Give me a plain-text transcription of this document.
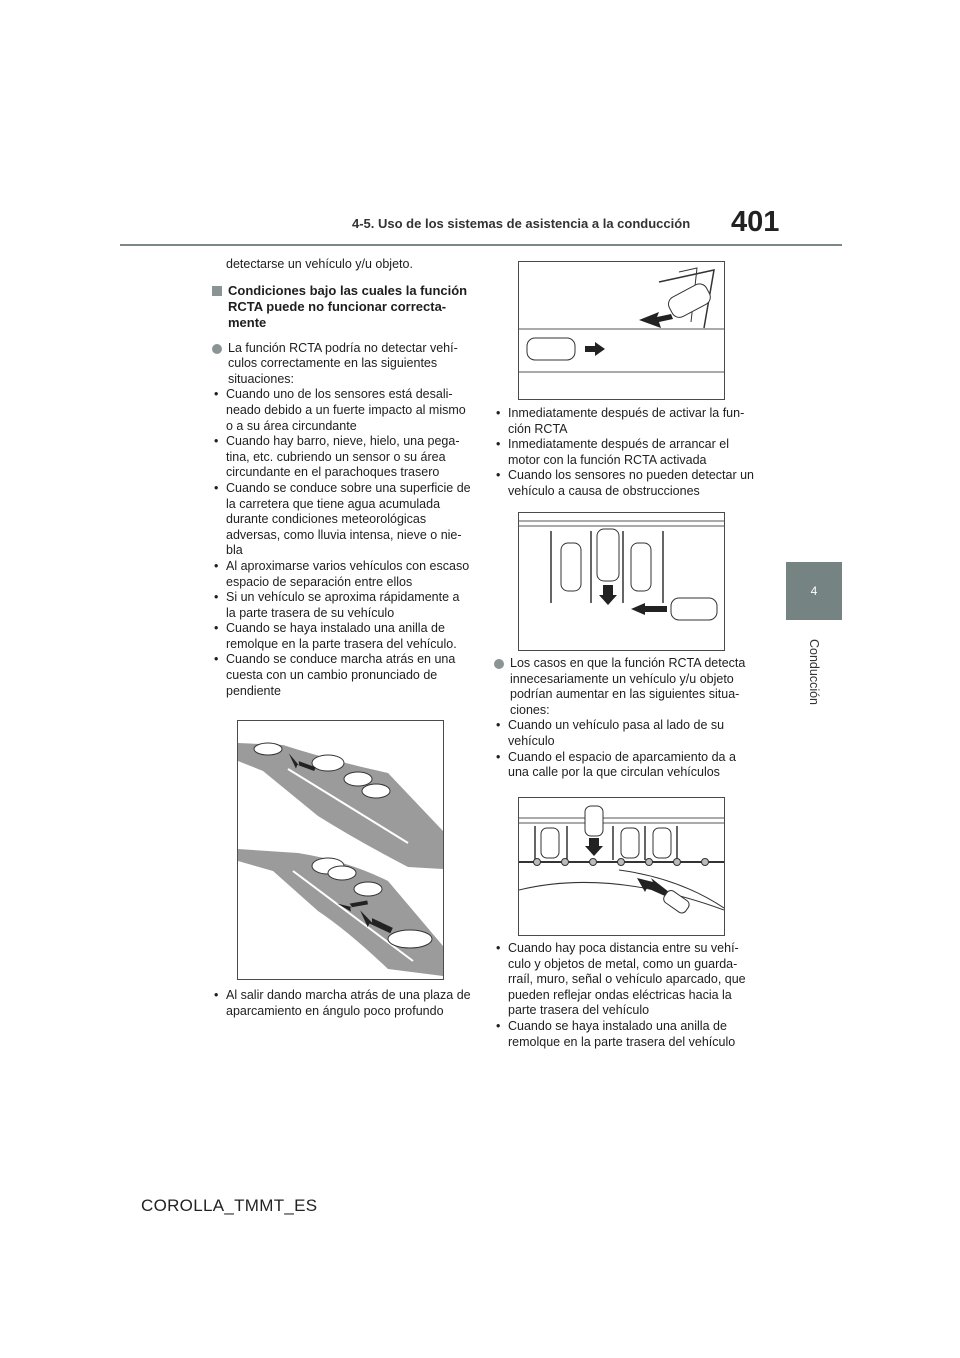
4-5. Uso de los sistemas de asistencia a la conducción 401
4
Conducción

detectarse un vehículo y/u objeto.

Condiciones bajo las cuales la función RCTA puede no funcionar correcta-mente

La función RCTA podría no detectar vehí-culos correctamente en las siguientes situaciones:

• Cuando uno de los sensores está desali-neado debido a un fuerte impacto al mismo o a su área circundante

• Cuando hay barro, nieve, hielo, una pega-tina, etc. cubriendo un sensor o su área circundante en el parachoques trasero

• Cuando se conduce sobre una superficie de la carretera que tiene agua acumulada durante condiciones meteorológicas adversas, como lluvia intensa, nieve o nie-bla

• Al aproximarse varios vehículos con escaso espacio de separación entre ellos

• Si un vehículo se aproxima rápidamente a la parte trasera de su vehículo

• Cuando se haya instalado una anilla de remolque en la parte trasera del vehículo.

• Cuando se conduce marcha atrás en una cuesta con un cambio pronunciado de pendiente

• Al salir dando marcha atrás de una plaza de aparcamiento en ángulo poco profundo

• Inmediatamente después de activar la fun-ción RCTA

• Inmediatamente después de arrancar el motor con la función RCTA activada

• Cuando los sensores no pueden detectar un vehículo a causa de obstrucciones

Los casos en que la función RCTA detecta innecesariamente un vehículo y/u objeto podrían aumentar en las siguientes situa-ciones:

• Cuando un vehículo pasa al lado de su vehículo

• Cuando el espacio de aparcamiento da a una calle por la que circulan vehículos

• Cuando hay poca distancia entre su vehí-culo y objetos de metal, como un guarda-rraíl, muro, señal o vehículo aparcado, que pueden reflejar ondas eléctricas hacia la parte trasera del vehículo

• Cuando se haya instalado una anilla de remolque en la parte trasera del vehículo

COROLLA_TMMT_ES
